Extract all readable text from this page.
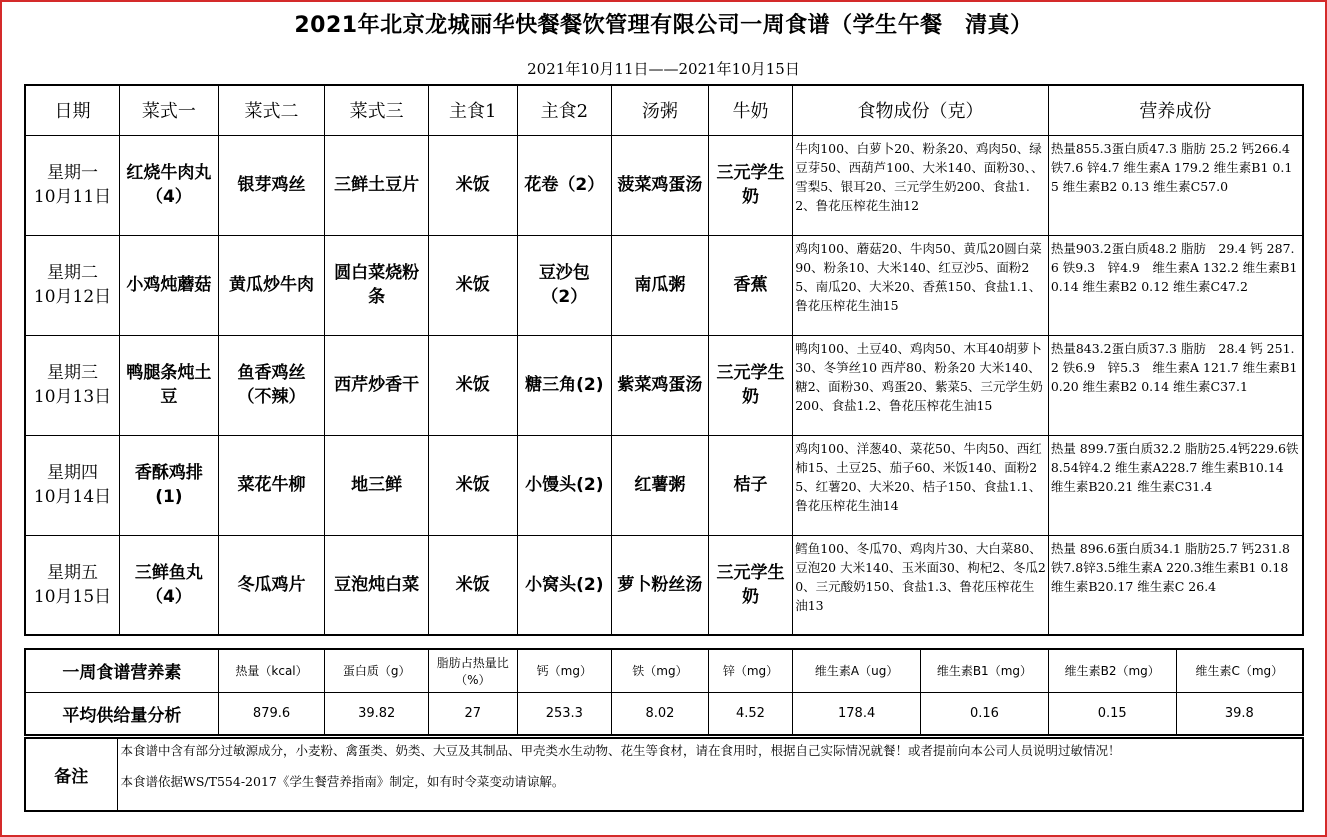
2021年北京龙城丽华快餐餐饮管理有限公司一周食谱（学生午餐　清真）
2021年10月11日——2021年10月15日
日期	菜式一	菜式二	菜式三	主食1	主食2	汤粥	牛奶	食物成份（克）	营养成份

星期一
10月11日	红烧牛肉丸（4）	银芽鸡丝	三鲜土豆片	米饭	花卷（2）	菠菜鸡蛋汤	三元学生奶	牛肉100、白萝卜20、粉条20、鸡肉50、绿豆芽50、西葫芦100、大米140、面粉30、、雪梨5、银耳20、三元学生奶200、食盐1.2、鲁花压榨花生油12	热量855.3蛋白质47.3 脂肪 25.2 钙266.4 铁7.6 锌4.7 维生素A 179.2 维生素B1 0.15 维生素B2 0.13 维生素C57.0

星期二
10月12日	小鸡炖蘑菇	黄瓜炒牛肉	圆白菜烧粉条	米饭	豆沙包（2）	南瓜粥	香蕉	鸡肉100、蘑菇20、牛肉50、黄瓜20圆白菜90、粉条10、大米140、红豆沙5、面粉25、南瓜20、大米20、香蕉150、食盐1.1、鲁花压榨花生油15	热量903.2蛋白质48.2 脂肪　29.4 钙 287.6 铁9.3　锌4.9　维生素A 132.2 维生素B1 0.14 维生素B2 0.12 维生素C47.2

星期三
10月13日	鸭腿条炖土豆	鱼香鸡丝（不辣）	西芹炒香干	米饭	糖三角(2)	紫菜鸡蛋汤	三元学生奶	鸭肉100、土豆40、鸡肉50、木耳40胡萝卜30、冬笋丝10 西芹80、粉条20 大米140、糖2、面粉30、鸡蛋20、紫菜5、三元学生奶200、食盐1.2、鲁花压榨花生油15	热量843.2蛋白质37.3 脂肪　28.4 钙 251.2 铁6.9　锌5.3　维生素A 121.7 维生素B1 0.20 维生素B2 0.14 维生素C37.1

星期四
10月14日	香酥鸡排(1)	菜花牛柳	地三鲜	米饭	小馒头(2)	红薯粥	桔子	鸡肉100、洋葱40、菜花50、牛肉50、西红柿15、土豆25、茄子60、米饭140、面粉25、红薯20、大米20、桔子150、食盐1.1、鲁花压榨花生油14	热量 899.7蛋白质32.2 脂肪25.4钙229.6铁8.54锌4.2 维生素A228.7 维生素B10.14 维生素B20.21 维生素C31.4

星期五
10月15日	三鲜鱼丸（4）	冬瓜鸡片	豆泡炖白菜	米饭	小窝头(2)	萝卜粉丝汤	三元学生奶	鳕鱼100、冬瓜70、鸡肉片30、大白菜80、 豆泡20 大米140、玉米面30、枸杞2、冬瓜20、三元酸奶150、食盐1.3、鲁花压榨花生油13	热量 896.6蛋白质34.1 脂肪25.7 钙231.8铁7.8锌3.5维生素A 220.3维生素B1 0.18维生素B20.17 维生素C 26.4
一周食谱营养素	热量（kcal）	蛋白质（g）	脂肪占热量比（%）	钙（mg）	铁（mg）	锌（mg）	维生素A（ug）	维生素B1（mg）	维生素B2（mg）	维生素C（mg）
平均供给量分析	879.6	39.82	27	253.3	8.02	4.52	178.4	0.16	0.15	39.8
备注	

本食谱中含有部分过敏源成分，小麦粉、禽蛋类、奶类、大豆及其制品、甲壳类水生动物、花生等食材，请在食用时，根据自己实际情况就餐！或者提前向本公司人员说明过敏情况！

本食谱依据WS/T554-2017《学生餐营养指南》制定，如有时令菜变动请谅解。
